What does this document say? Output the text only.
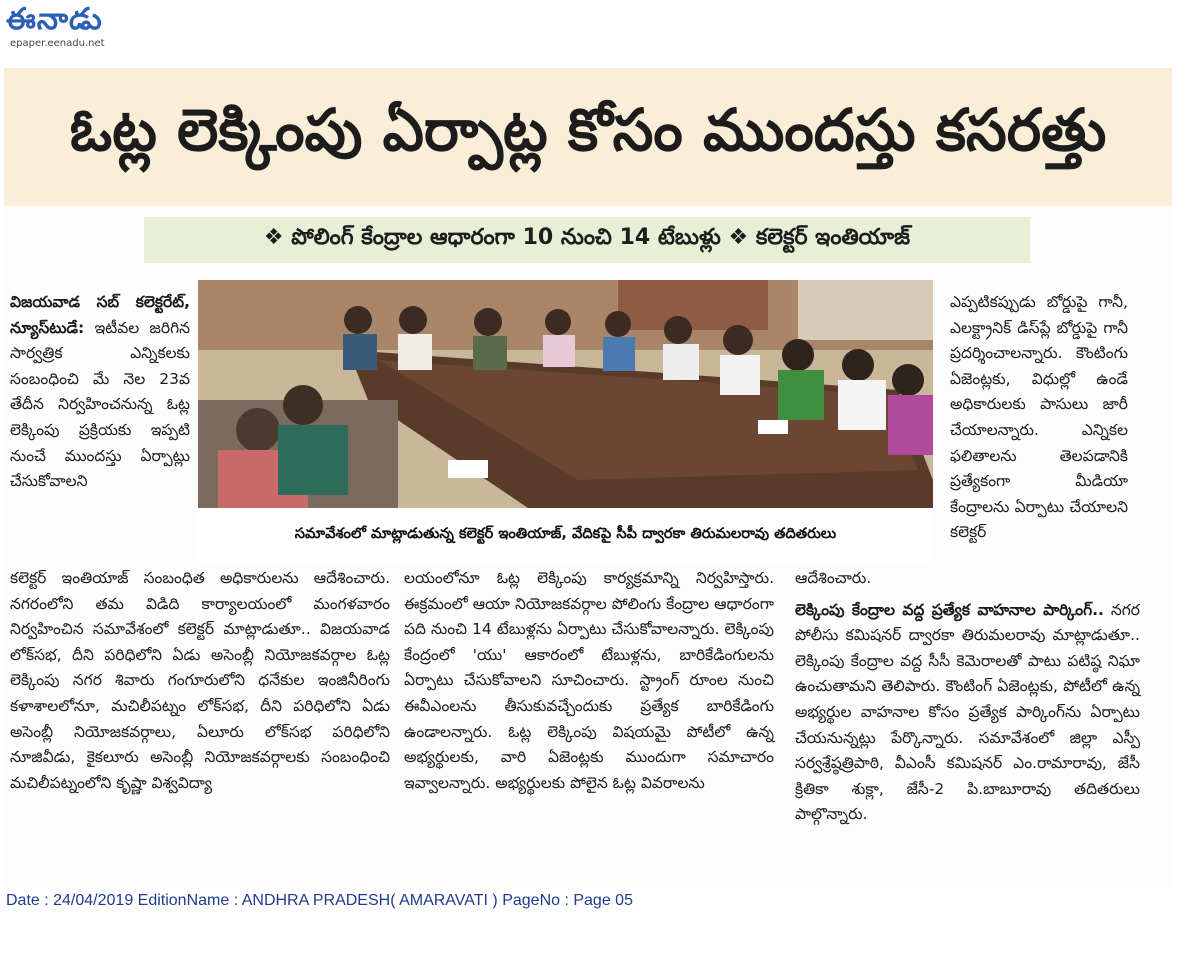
ఈనాడు
epaper.eenadu.net
ఓట్ల లెక్కింపు ఏర్పాట్ల కోసం ముందస్తు కసరత్తు
❖ పోలింగ్ కేంద్రాల ఆధారంగా 10 నుంచి 14 టేబుళ్లు ❖ కలెక్టర్ ఇంతియాజ్
విజయవాడ సబ్ కలెక్టరేట్, న్యూస్‌టుడే: ఇటీవల జరిగిన సార్వత్రిక ఎన్నికలకు సంబంధించి మే నెల 23వ తేదీన నిర్వహించనున్న ఓట్ల లెక్కింపు ప్రక్రియకు ఇప్పటి నుంచే ముందస్తు ఏర్పాట్లు చేసుకోవాలని
సమావేశంలో మాట్లాడుతున్న కలెక్టర్ ఇంతియాజ్, వేదికపై సీపీ ద్వారకా తిరుమలరావు తదితరులు
ఎప్పటికప్పుడు బోర్డుపై గానీ, ఎలక్ట్రానిక్ డిస్‌ప్లే బోర్డుపై గానీ ప్రదర్శించాలన్నారు. కౌంటింగు ఏజెంట్లకు, విధుల్లో ఉండే అధికారులకు పాసులు జారీ చేయాలన్నారు. ఎన్నికల ఫలితాలను తెలపడానికి ప్రత్యేకంగా మీడియా కేంద్రాలను ఏర్పాటు చేయాలని కలెక్టర్
కలెక్టర్ ఇంతియాజ్ సంబంధిత అధికారులను ఆదేశించారు. నగరంలోని తమ విడిది కార్యాలయంలో మంగళవారం నిర్వహించిన సమావేశంలో కలెక్టర్ మాట్లాడుతూ.. విజయవాడ లోక్‌సభ, దీని పరిధిలోని ఏడు అసెంబ్లీ నియోజకవర్గాల ఓట్ల లెక్కింపు నగర శివారు గంగూరులోని ధనేకుల ఇంజినీరింగు కళాశాలలోనూ, మచిలీపట్నం లోక్‌సభ, దీని పరిధిలోని ఏడు అసెంబ్లీ నియోజకవర్గాలు, ఏలూరు లోక్‌సభ పరిధిలోని నూజివీడు, కైకలూరు అసెంబ్లీ నియోజకవర్గాలకు సంబంధించి మచిలీపట్నంలోని కృష్ణా విశ్వవిద్యా
లయంలోనూ ఓట్ల లెక్కింపు కార్యక్రమాన్ని నిర్వహిస్తారు. ఈక్రమంలో ఆయా నియోజకవర్గాల పోలింగు కేంద్రాల ఆధారంగా పది నుంచి 14 టేబుళ్లను ఏర్పాటు చేసుకోవాలన్నారు. లెక్కింపు కేంద్రంలో 'యు' ఆకారంలో టేబుళ్లను, బారికేడింగులను ఏర్పాటు చేసుకోవాలని సూచించారు. స్ట్రాంగ్ రూంల నుంచి ఈవీఎంలను తీసుకువచ్చేందుకు ప్రత్యేక బారికేడింగు ఉండాలన్నారు. ఓట్ల లెక్కింపు విషయమై పోటీలో ఉన్న అభ్యర్థులకు, వారి ఏజెంట్లకు ముందుగా సమాచారం ఇవ్వాలన్నారు. అభ్యర్థులకు పోలైన ఓట్ల వివరాలను
ఆదేశించారు.
లెక్కింపు కేంద్రాల వద్ద ప్రత్యేక వాహనాల పార్కింగ్.. నగర పోలీసు కమిషనర్ ద్వారకా తిరుమలరావు మాట్లాడుతూ.. లెక్కింపు కేంద్రాల వద్ద సీసీ కెమెరాలతో పాటు పటిష్ఠ నిఘా ఉంచుతామని తెలిపారు. కౌంటింగ్ ఏజెంట్లకు, పోటీలో ఉన్న అభ్యర్థుల వాహనాల కోసం ప్రత్యేక పార్కింగ్‌ను ఏర్పాటు చేయనున్నట్లు పేర్కొన్నారు. సమావేశంలో జిల్లా ఎస్పీ సర్వశ్రేష్ఠత్రిపాఠి, వీఎంసీ కమిషనర్ ఎం.రామారావు, జేసీ క్రితికా శుక్లా, జేసీ-2 పి.బాబూరావు తదితరులు పాల్గొన్నారు.
Date : 24/04/2019 EditionName : ANDHRA PRADESH( AMARAVATI ) PageNo : Page 05
